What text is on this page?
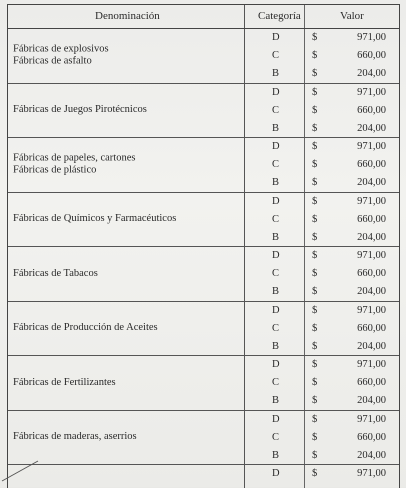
Denominación	Categoría	Valor
Fábricas de explosivos
Fábricas de asfalto
D	$	971,00
C	$	660,00
B	$	204,00
Fábricas de Juegos Pirotécnicos
D	$	971,00
C	$	660,00
B	$	204,00
Fábricas de papeles, cartones
Fábricas de plástico
D	$	971,00
C	$	660,00
B	$	204,00
Fábricas de Químicos y Farmacéuticos
D	$	971,00
C	$	660,00
B	$	204,00
Fábricas de Tabacos
D	$	971,00
C	$	660,00
B	$	204,00
Fábricas de Producción de Aceites
D	$	971,00
C	$	660,00
B	$	204,00
Fábricas de Fertilizantes
D	$	971,00
C	$	660,00
B	$	204,00
Fábricas de maderas, aserrios
D	$	971,00
C	$	660,00
B	$	204,00
D	$	971,00
